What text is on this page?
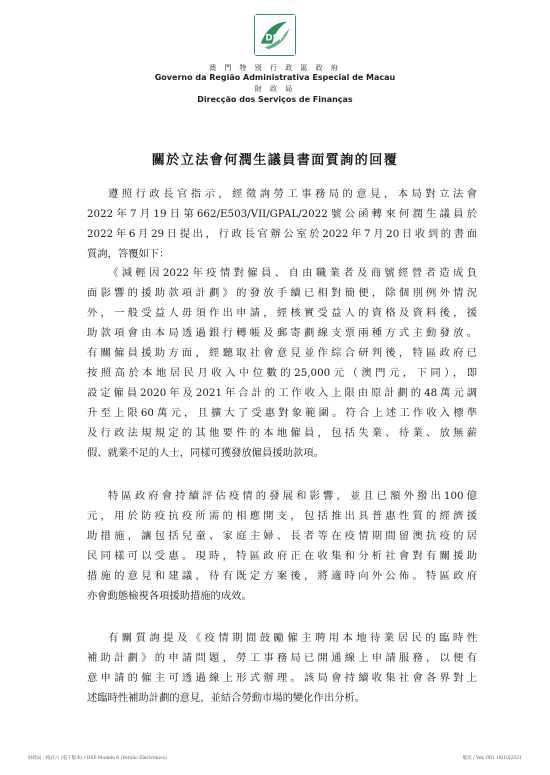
DSF
澳 門 特 別 行 政 區 政 府
Governo da Região Administrativa Especial de Macau
財 政 局
Direcção dos Serviços de Finanças
關於立法會何潤生議員書面質詢的回覆
遵照行政長官指示，經徵詢勞工事務局的意見，本局對立法會
2022年7月19日第662/E503/VII/GPAL/2022號公函轉來何潤生議員於
2022年6月29日提出，行政長官辦公室於2022年7月20日收到的書面
質詢，答覆如下：
《減輕因2022年疫情對僱員、自由職業者及商號經營者造成負
面影響的援助款項計劃》的發放手續已相對簡便，除個別例外情況
外，一般受益人毋須作出申請，經核實受益人的資格及資料後，援
助款項會由本局透過銀行轉帳及郵寄劃線支票兩種方式主動發放。
有關僱員援助方面，經聽取社會意見並作綜合研判後，特區政府已
按照高於本地居民月收入中位數的25,000元（澳門元，下同），即
設定僱員2020年及2021年合計的工作收入上限由原計劃的48萬元調
升至上限60萬元，且擴大了受惠對象範圍。符合上述工作收入標準
及行政法規規定的其他要件的本地僱員，包括失業、待業、放無薪
假、就業不足的人士，同樣可獲發放僱員援助款項。
特區政府會持續評估疫情的發展和影響，並且已額外撥出100億
元，用於防疫抗疫所需的相應開支，包括推出具普惠性質的經濟援
助措施，讓包括兒童、家庭主婦、長者等在疫情期間留澳抗疫的居
民同樣可以受惠。現時，特區政府正在收集和分析社會對有關援助
措施的意見和建議，待有既定方案後，將適時向外公佈。特區政府
亦會動態檢視各項援助措施的成效。
有關質詢提及《疫情期間鼓勵僱主聘用本地待業居民的臨時性
補助計劃》的申請問題，勞工事務局已開通線上申請服務，以便有
意申請的僱主可透過線上形式辦理。該局會持續收集社會各界對上
述臨時性補助計劃的意見，並結合勞動市場的變化作出分析。
財政局 - 格式六 (電子版本) / DSF-Modelo 6 (Versão Electrónica)	版次 / Ver. 001 18/10/2021
